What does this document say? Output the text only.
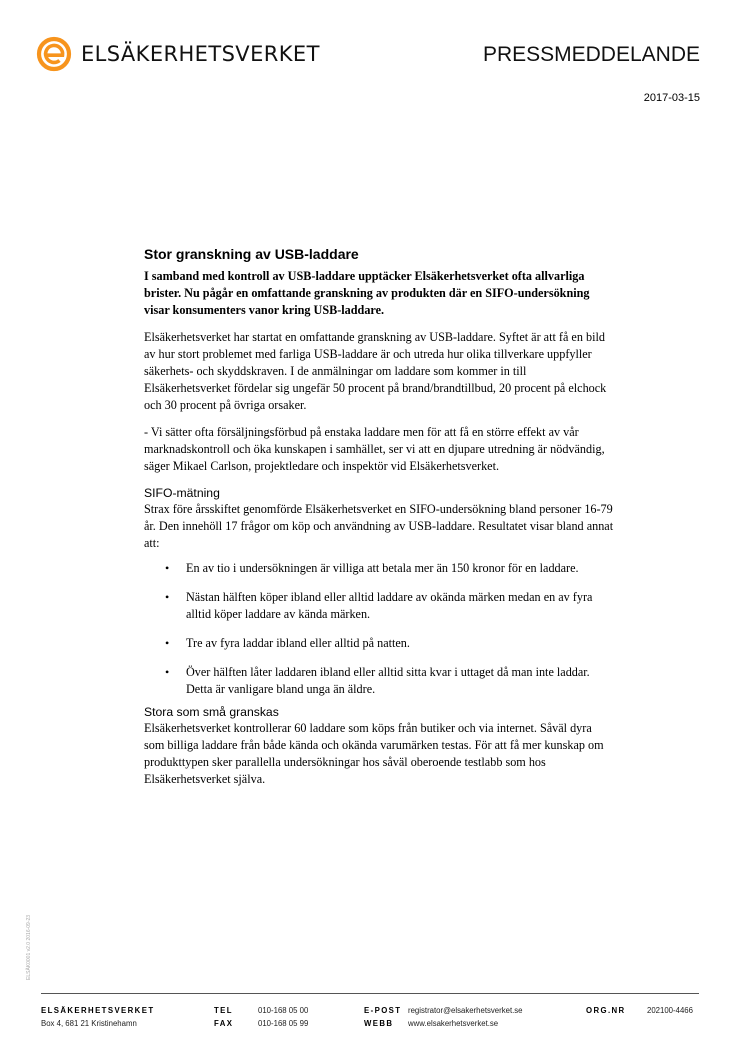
ELSÄKERHETSVERKET	PRESSMEDDELANDE
2017-03-15
Stor granskning av USB-laddare

I samband med kontroll av USB-laddare upptäcker Elsäkerhetsverket ofta allvarliga brister. Nu pågår en omfattande granskning av produkten där en SIFO-undersökning visar konsumenters vanor kring USB-laddare.

Elsäkerhetsverket har startat en omfattande granskning av USB-laddare. Syftet är att få en bild av hur stort problemet med farliga USB-laddare är och utreda hur olika tillverkare uppfyller säkerhets- och skyddskraven. I de anmälningar om laddare som kommer in till Elsäkerhetsverket fördelar sig ungefär 50 procent på brand/brandtillbud, 20 procent på elchock och 30 procent på övriga orsaker.

- Vi sätter ofta försäljningsförbud på enstaka laddare men för att få en större effekt av vår marknadskontroll och öka kunskapen i samhället, ser vi att en djupare utredning är nödvändig, säger Mikael Carlson, projektledare och inspektör vid Elsäkerhetsverket.

SIFO-mätning

Strax före årsskiftet genomförde Elsäkerhetsverket en SIFO-undersökning bland personer 16-79 år. Den innehöll 17 frågor om köp och användning av USB-laddare. Resultatet visar bland annat att:

• En av tio i undersökningen är villiga att betala mer än 150 kronor för en laddare.
• Nästan hälften köper ibland eller alltid laddare av okända märken medan en av fyra alltid köper laddare av kända märken.
• Tre av fyra laddar ibland eller alltid på natten.
• Över hälften låter laddaren ibland eller alltid sitta kvar i uttaget då man inte laddar. Detta är vanligare bland unga än äldre.
Stora som små granskas

Elsäkerhetsverket kontrollerar 60 laddare som köps från butiker och via internet. Såväl dyra som billiga laddare från både kända och okända varumärken testas. För att få mer kunskap om produkttypen sker parallella undersökningar hos såväl oberoende testlabb som hos Elsäkerhetsverket själva.

ELSÄK0001 v2.0 2016-09-23
ELSÄKERHETSVERKET
Box 4, 681 21 Kristinehamn
TEL
FAX
010-168 05 00
010-168 05 99
E-POST
WEBB
registrator@elsakerhetsverket.se
www.elsakerhetsverket.se
ORG.NR	202100-4466
